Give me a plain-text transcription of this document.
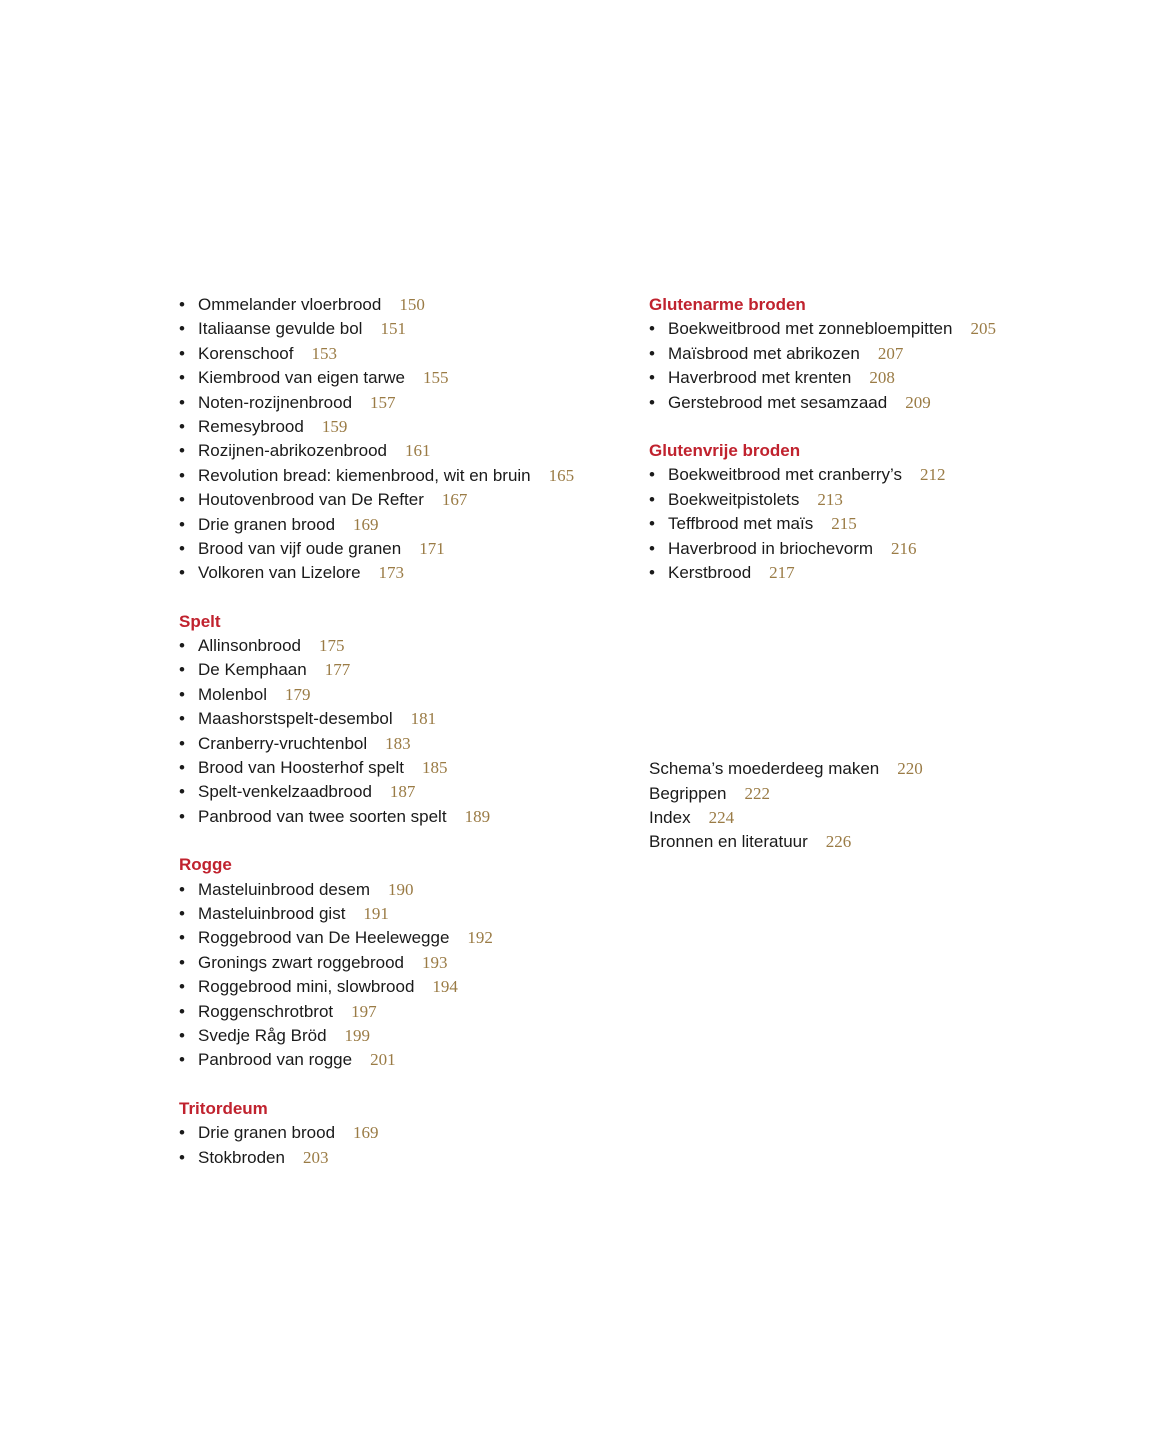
• Ommelander vloerbrood 150
• Italiaanse gevulde bol 151
• Korenschoof 153
• Kiembrood van eigen tarwe 155
• Noten-rozijnenbrood 157
• Remesybrood 159
• Rozijnen-abrikozenbrood 161
• Revolution bread: kiemenbrood, wit en bruin 165
• Houtovenbrood van De Refter 167
• Drie granen brood 169
• Brood van vijf oude granen 171
• Volkoren van Lizelore 173
Spelt
• Allinsonbrood 175
• De Kemphaan 177
• Molenbol 179
• Maashorstspelt-desembol 181
• Cranberry-vruchtenbol 183
• Brood van Hoosterhof spelt 185
• Spelt-venkelzaadbrood 187
• Panbrood van twee soorten spelt 189
Rogge
• Masteluinbrood desem 190
• Masteluinbrood gist 191
• Roggebrood van De Heelewegge 192
• Gronings zwart roggebrood 193
• Roggebrood mini, slowbrood 194
• Roggenschrotbrot 197
• Svedje Råg Bröd 199
• Panbrood van rogge 201
Tritordeum
• Drie granen brood 169
• Stokbroden 203
Glutenarme broden
• Boekweitbrood met zonnebloempitten 205
• Maïsbrood met abrikozen 207
• Haverbrood met krenten 208
• Gerstebrood met sesamzaad 209
Glutenvrije broden
• Boekweitbrood met cranberry’s 212
• Boekweitpistolets 213
• Teffbrood met maïs 215
• Haverbrood in briochevorm 216
• Kerstbrood 217
Schema’s moederdeeg maken 220
Begrippen 222
Index 224
Bronnen en literatuur 226
